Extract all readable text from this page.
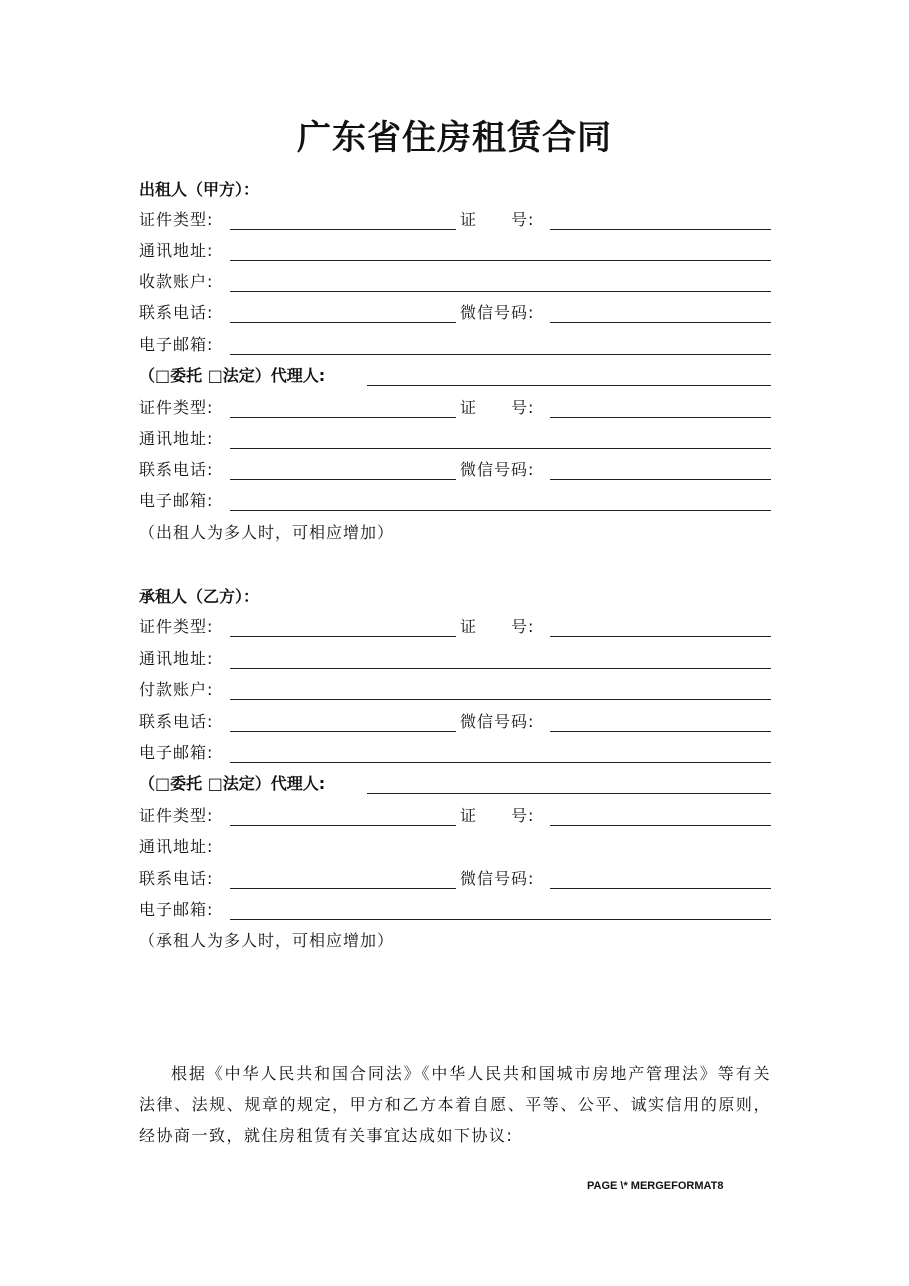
广东省住房租赁合同
出租人（甲方）：
证件类型:	证　　号:
通讯地址:
收款账户:
联系电话:	微信号码:
电子邮箱:
（□委托 □法定）代理人:
证件类型:	证　　号:
通讯地址:
联系电话:	微信号码:
电子邮箱:
（出租人为多人时，可相应增加）
承租人（乙方）：
证件类型:	证　　号:
通讯地址:
付款账户:
联系电话:	微信号码:
电子邮箱:
（□委托 □法定）代理人:
证件类型:	证　　号:
通讯地址:
联系电话:	微信号码:
电子邮箱:
（承租人为多人时，可相应增加）

根据《中华人民共和国合同法》《中华人民共和国城市房地产管理法》等有关法律、法规、规章的规定，甲方和乙方本着自愿、平等、公平、诚实信用的原则，经协商一致，就住房租赁有关事宜达成如下协议:

PAGE \* MERGEFORMAT8
